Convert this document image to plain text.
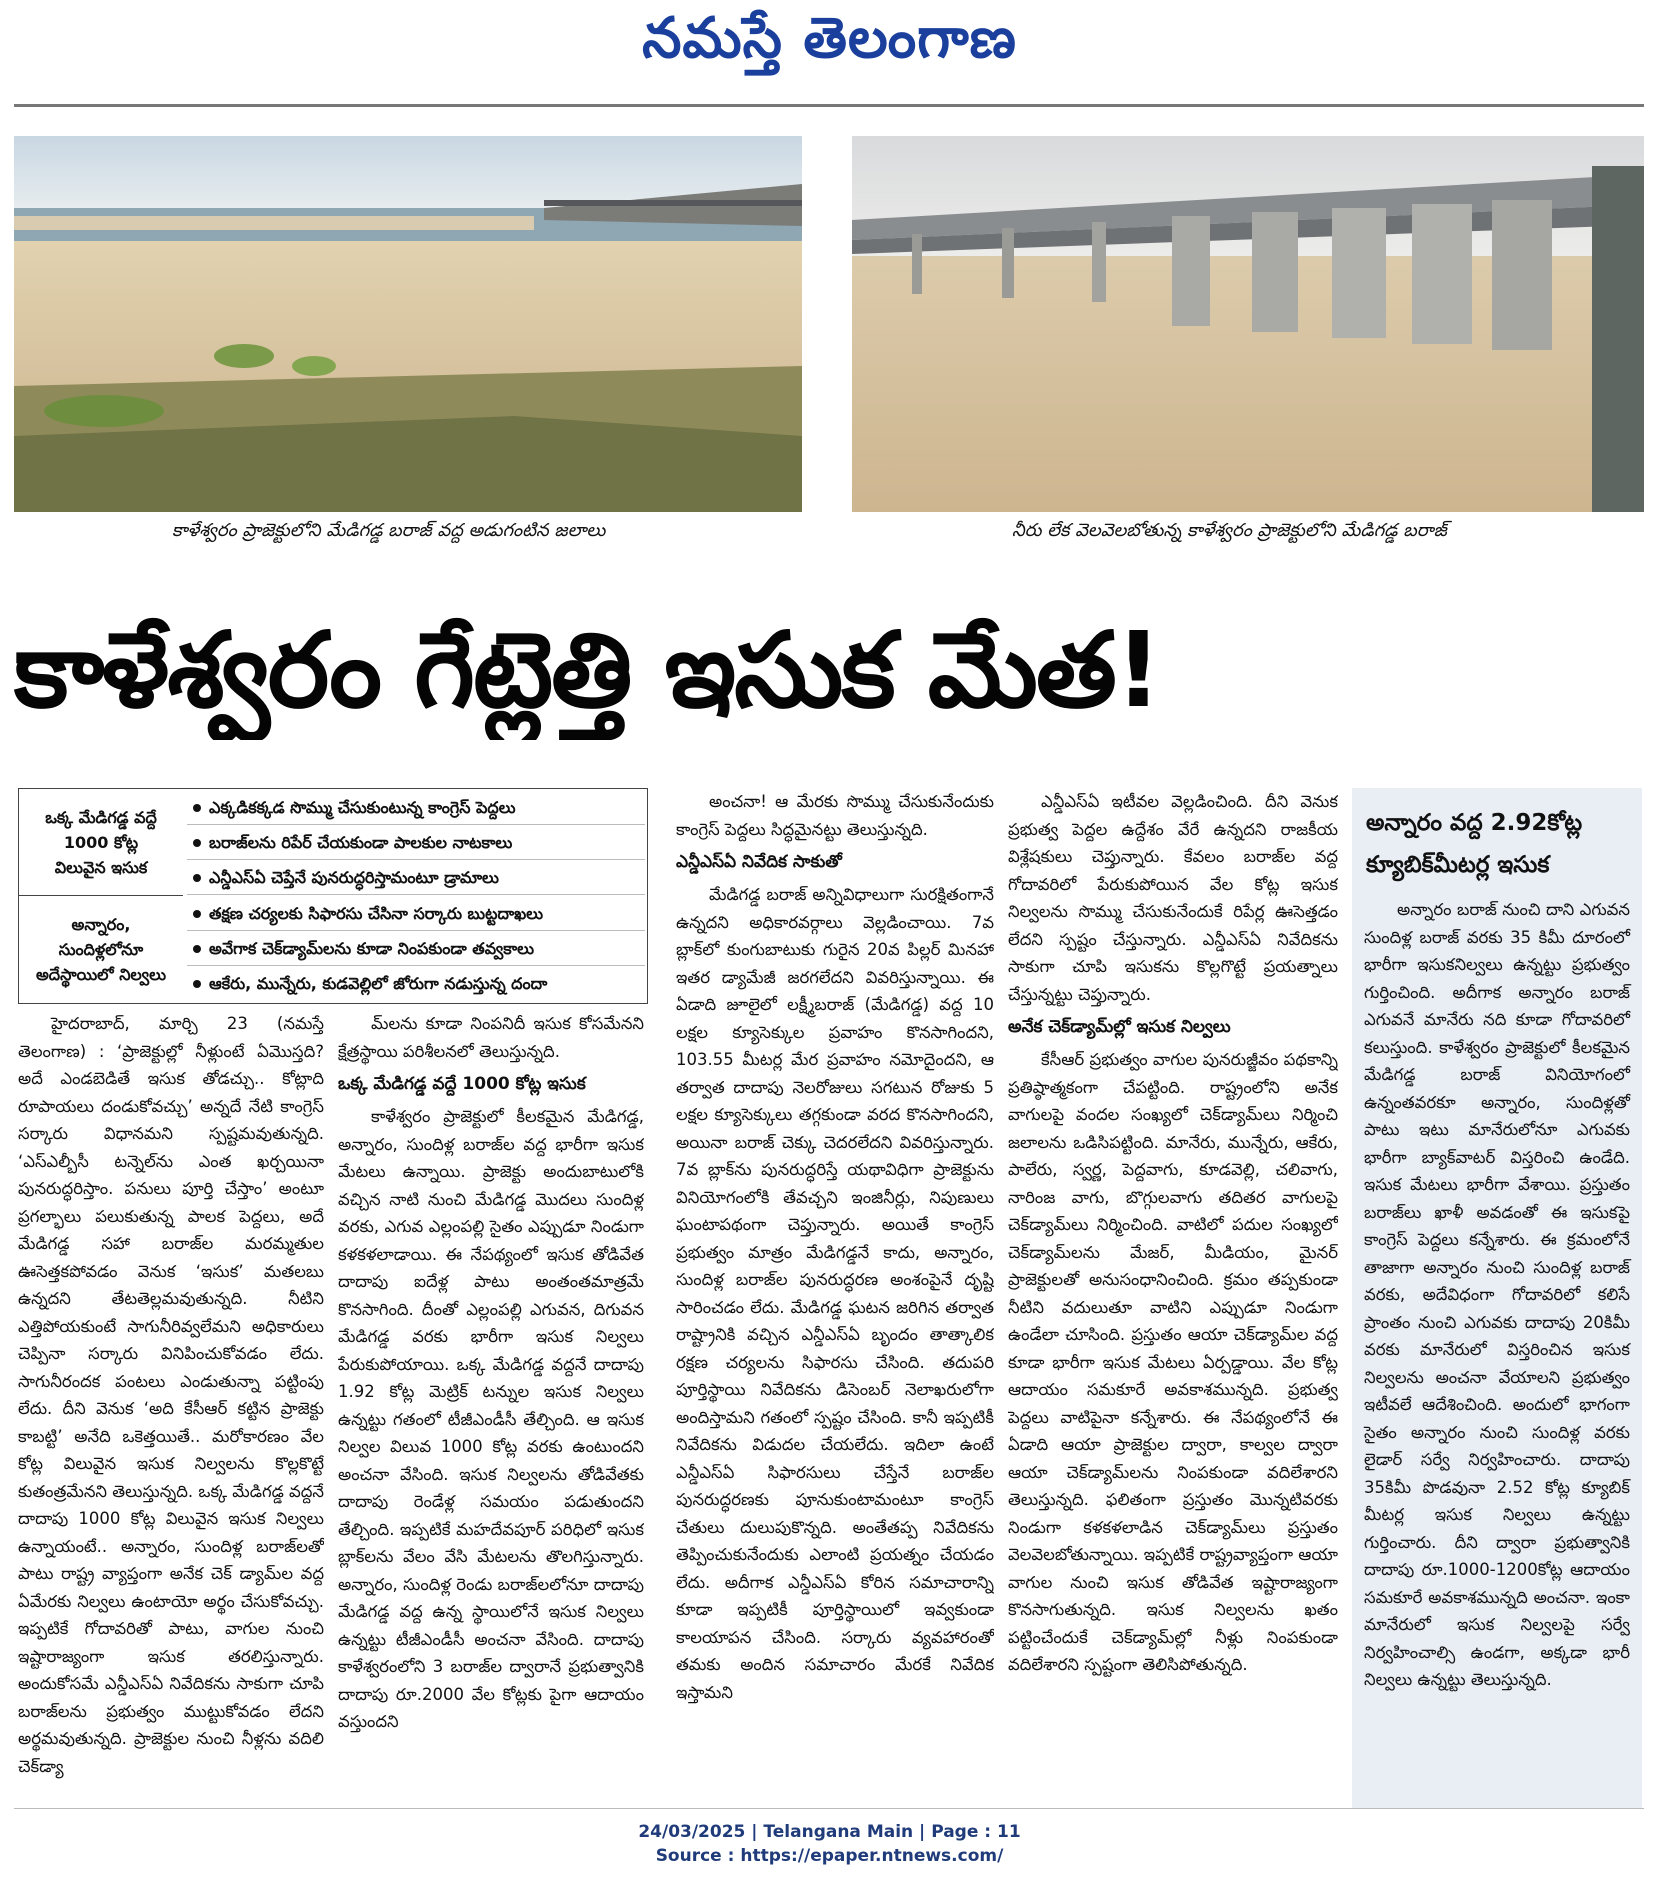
నమస్తే తెలంగాణ
కాళేశ్వరం ప్రాజెక్టులోని మేడిగడ్డ బరాజ్ వద్ద అడుగంటిన జలాలు	నీరు లేక వెలవెలబోతున్న కాళేశ్వరం ప్రాజెక్టులోని మేడిగడ్డ బరాజ్
కాళేశ్వరం గేట్లెత్తి ఇసుక మేత!
ఒక్క మేడిగడ్డ వద్దే
1000 కోట్ల
విలువైన ఇసుక
అన్నారం,
సుందిళ్లలోనూ
అదేస్థాయిలో నిల్వలు
ఎక్కడికక్కడ సొమ్ము చేసుకుంటున్న కాంగ్రెస్ పెద్దలు
బరాజ్‌లను రిపేర్ చేయకుండా పాలకుల నాటకాలు
ఎన్డీఎస్ఏ చెప్తేనే పునరుద్ధరిస్తామంటూ డ్రామాలు
తక్షణ చర్యలకు సిఫారసు చేసినా సర్కారు బుట్టదాఖలు
అవేగాక చెక్‌డ్యామ్‌లను కూడా నింపకుండా తవ్వకాలు
ఆకేరు, మున్నేరు, కుడవెల్లిలో జోరుగా నడుస్తున్న దందా

హైదరాబాద్, మార్చి 23 (నమస్తే తెలంగాణ) : ‘ప్రాజెక్టుల్లో నీళ్లుంటే ఏమొస్తది? అదే ఎండబెడితే ఇసుక తోడచ్చు.. కోట్లాది రూపాయలు దండుకోవచ్చు’ అన్నదే నేటి కాంగ్రెస్ సర్కారు విధానమని స్పష్టమవుతున్నది. ‘ఎస్ఎల్బీసీ టన్నెల్‌ను ఎంత ఖర్చయినా పునరుద్ధరిస్తాం. పనులు పూర్తి చేస్తాం’ అంటూ ప్రగల్భాలు పలుకుతున్న పాలక పెద్దలు, అదే మేడిగడ్డ సహా బరాజ్‌ల మరమ్మతుల ఊసెత్తకపోవడం వెనుక ‘ఇసుక’ మతలబు ఉన్నదని తేటతెల్లమవుతున్నది. నీటిని ఎత్తిపోయకుంటే సాగునీరివ్వలేమని అధికారులు చెప్పినా సర్కారు వినిపించుకోవడం లేదు. సాగునీరందక పంటలు ఎండుతున్నా పట్టింపు లేదు. దీని వెనుక ‘అది కేసీఆర్ కట్టిన ప్రాజెక్టు కాబట్టి’ అనేది ఒకెత్తయితే.. మరోకారణం వేల కోట్ల విలువైన ఇసుక నిల్వలను కొల్లకొట్టే కుతంత్రమేనని తెలుస్తున్నది. ఒక్క మేడిగడ్డ వద్దనే దాదాపు 1000 కోట్ల విలువైన ఇసుక నిల్వలు ఉన్నాయంటే.. అన్నారం, సుందిళ్ల బరాజ్‌లతో పాటు రాష్ట్ర వ్యాప్తంగా అనేక చెక్ డ్యామ్‌ల వద్ద ఏమేరకు నిల్వలు ఉంటాయో అర్థం చేసుకోవచ్చు. ఇప్పటికే గోదావరితో పాటు, వాగుల నుంచి ఇష్టారాజ్యంగా ఇసుక తరలిస్తున్నారు. అందుకోసమే ఎన్డీఎస్ఏ నివేదికను సాకుగా చూపి బరాజ్‌లను ప్రభుత్వం ముట్టుకోవడం లేదని అర్థమవుతున్నది. ప్రాజెక్టుల నుంచి నీళ్లను వదిలి చెక్‌డ్యా

మ్‌లను కూడా నింపనిదీ ఇసుక కోసమేనని క్షేత్రస్థాయి పరిశీలనలో తెలుస్తున్నది.

ఒక్క మేడిగడ్డ వద్దే 1000 కోట్ల ఇసుక

కాళేశ్వరం ప్రాజెక్టులో కీలకమైన మేడిగడ్డ, అన్నారం, సుందిళ్ల బరాజ్‌ల వద్ద భారీగా ఇసుక మేటలు ఉన్నాయి. ప్రాజెక్టు అందుబాటులోకి వచ్చిన నాటి నుంచి మేడిగడ్డ మొదలు సుందిళ్ల వరకు, ఎగువ ఎల్లంపల్లి సైతం ఎప్పుడూ నిండుగా కళకళలాడాయి. ఈ నేపథ్యంలో ఇసుక తోడివేత దాదాపు ఐదేళ్ల పాటు అంతంతమాత్రమే కొనసాగింది. దీంతో ఎల్లంపల్లి ఎగువన, దిగువన మేడిగడ్డ వరకు భారీగా ఇసుక నిల్వలు పేరుకుపోయాయి. ఒక్క మేడిగడ్డ వద్దనే దాదాపు 1.92 కోట్ల మెట్రిక్ టన్నుల ఇసుక నిల్వలు ఉన్నట్టు గతంలో టీజీఎండీసీ తేల్చింది. ఆ ఇసుక నిల్వల విలువ 1000 కోట్ల వరకు ఉంటుందని అంచనా వేసింది. ఇసుక నిల్వలను తోడివేతకు దాదాపు రెండేళ్ల సమయం పడుతుందని తేల్చింది. ఇప్పటికే మహదేవపూర్ పరిధిలో ఇసుక బ్లాక్‌లను వేలం వేసి మేటలను తొలగిస్తున్నారు. అన్నారం, సుందిళ్ల రెండు బరాజ్‌లలోనూ దాదాపు మేడిగడ్డ వద్ద ఉన్న స్థాయిలోనే ఇసుక నిల్వలు ఉన్నట్టు టీజీఎండీసీ అంచనా వేసింది. దాదాపు కాళేశ్వరంలోని 3 బరాజ్‌ల ద్వారానే ప్రభుత్వానికి దాదాపు రూ.2000 వేల కోట్లకు పైగా ఆదాయం వస్తుందని

అంచనా! ఆ మేరకు సొమ్ము చేసుకునేందుకు కాంగ్రెస్ పెద్దలు సిద్ధమైనట్టు తెలుస్తున్నది.

ఎన్డీఎస్ఏ నివేదిక సాకుతో

మేడిగడ్డ బరాజ్ అన్నివిధాలుగా సురక్షితంగానే ఉన్నదని అధికారవర్గాలు వెల్లడించాయి. 7వ బ్లాక్‌లో కుంగుబాటుకు గురైన 20వ పిల్లర్ మినహా ఇతర డ్యామేజీ జరగలేదని వివరిస్తున్నాయి. ఈ ఏడాది జూలైలో లక్ష్మీబరాజ్ (మేడిగడ్డ) వద్ద 10 లక్షల క్యూసెక్కుల ప్రవాహం కొనసాగిందని, 103.55 మీటర్ల మేర ప్రవాహం నమోదైందని, ఆ తర్వాత దాదాపు నెలరోజులు సగటున రోజుకు 5 లక్షల క్యూసెక్కులు తగ్గకుండా వరద కొనసాగిందని, అయినా బరాజ్ చెక్కు చెదరలేదని వివరిస్తున్నారు. 7వ బ్లాక్‌ను పునరుద్ధరిస్తే యథావిధిగా ప్రాజెక్టును వినియోగంలోకి తేవచ్చని ఇంజినీర్లు, నిపుణులు ఘంటాపథంగా చెప్తున్నారు. అయితే కాంగ్రెస్ ప్రభుత్వం మాత్రం మేడిగడ్డనే కాదు, అన్నారం, సుందిళ్ల బరాజ్‌ల పునరుద్ధరణ అంశంపైనే దృష్టి సారించడం లేదు. మేడిగడ్డ ఘటన జరిగిన తర్వాత రాష్ట్రానికి వచ్చిన ఎన్డీఎస్ఏ బృందం తాత్కాలిక రక్షణ చర్యలను సిఫారసు చేసింది. తదుపరి పూర్తిస్థాయి నివేదికను డిసెంబర్ నెలాఖరులోగా అందిస్తామని గతంలో స్పష్టం చేసింది. కానీ ఇప్పటికీ నివేదికను విడుదల చేయలేదు. ఇదిలా ఉంటే ఎన్డీఎస్ఏ సిఫారసులు చేస్తేనే బరాజ్‌ల పునరుద్ధరణకు పూనుకుంటామంటూ కాంగ్రెస్ చేతులు దులుపుకొన్నది. అంతేతప్ప నివేదికను తెప్పించుకునేందుకు ఎలాంటి ప్రయత్నం చేయడం లేదు. అదీగాక ఎన్డీఎస్ఏ కోరిన సమాచారాన్ని కూడా ఇప్పటికీ పూర్తిస్థాయిలో ఇవ్వకుండా కాలయాపన చేసింది. సర్కారు వ్యవహారంతో తమకు అందిన సమాచారం మేరకే నివేదిక ఇస్తామని

ఎన్డీఎస్ఏ ఇటీవల వెల్లడించింది. దీని వెనుక ప్రభుత్వ పెద్దల ఉద్దేశం వేరే ఉన్నదని రాజకీయ విశ్లేషకులు చెప్తున్నారు. కేవలం బరాజ్‌ల వద్ద గోదావరిలో పేరుకుపోయిన వేల కోట్ల ఇసుక నిల్వలను సొమ్ము చేసుకునేందుకే రిపేర్ల ఊసెత్తడం లేదని స్పష్టం చేస్తున్నారు. ఎన్డీఎస్ఏ నివేదికను సాకుగా చూపి ఇసుకను కొల్లగొట్టే ప్రయత్నాలు చేస్తున్నట్టు చెప్తున్నారు.

అనేక చెక్‌డ్యామ్‌ల్లో ఇసుక నిల్వలు

కేసీఆర్ ప్రభుత్వం వాగుల పునరుజ్జీవం పథకాన్ని ప్రతిష్ఠాత్మకంగా చేపట్టింది. రాష్ట్రంలోని అనేక వాగులపై వందల సంఖ్యలో చెక్‌డ్యామ్‌లు నిర్మించి జలాలను ఒడిసిపట్టింది. మానేరు, మున్నేరు, ఆకేరు, పాలేరు, స్వర్ణ, పెద్దవాగు, కూడవెల్లి, చలివాగు, నారింజ వాగు, బొగ్గులవాగు తదితర వాగులపై చెక్‌డ్యామ్‌లు నిర్మించింది. వాటిలో పదుల సంఖ్యలో చెక్‌డ్యామ్‌లను మేజర్, మీడియం, మైనర్ ప్రాజెక్టులతో అనుసంధానించింది. క్రమం తప్పకుండా నీటిని వదులుతూ వాటిని ఎప్పుడూ నిండుగా ఉండేలా చూసింది. ప్రస్తుతం ఆయా చెక్‌డ్యామ్‌ల వద్ద కూడా భారీగా ఇసుక మేటలు ఏర్పడ్డాయి. వేల కోట్ల ఆదాయం సమకూరే అవకాశమున్నది. ప్రభుత్వ పెద్దలు వాటిపైనా కన్నేశారు. ఈ నేపథ్యంలోనే ఈ ఏడాది ఆయా ప్రాజెక్టుల ద్వారా, కాల్వల ద్వారా ఆయా చెక్‌డ్యామ్‌లను నింపకుండా వదిలేశారని తెలుస్తున్నది. ఫలితంగా ప్రస్తుతం మొన్నటివరకు నిండుగా కళకళలాడిన చెక్‌డ్యామ్‌లు ప్రస్తుతం వెలవెలబోతున్నాయి. ఇప్పటికే రాష్ట్రవ్యాప్తంగా ఆయా వాగుల నుంచి ఇసుక తోడివేత ఇష్టారాజ్యంగా కొనసాగుతున్నది. ఇసుక నిల్వలను ఖతం పట్టించేందుకే చెక్‌డ్యామ్‌ల్లో నీళ్లు నింపకుండా వదిలేశారని స్పష్టంగా తెలిసిపోతున్నది.

అన్నారం వద్ద 2.92కోట్ల క్యూబిక్‌మీటర్ల ఇసుక

అన్నారం బరాజ్ నుంచి దాని ఎగువన సుందిళ్ల బరాజ్ వరకు 35 కిమీ దూరంలో భారీగా ఇసుకనిల్వలు ఉన్నట్టు ప్రభుత్వం గుర్తించింది. అదీగాక అన్నారం బరాజ్ ఎగువనే మానేరు నది కూడా గోదావరిలో కలుస్తుంది. కాళేశ్వరం ప్రాజెక్టులో కీలకమైన మేడిగడ్డ బరాజ్ వినియోగంలో ఉన్నంతవరకూ అన్నారం, సుందిళ్లతో పాటు ఇటు మానేరులోనూ ఎగువకు భారీగా బ్యాక్‌వాటర్ విస్తరించి ఉండేది. ఇసుక మేటలు భారీగా వేశాయి. ప్రస్తుతం బరాజ్‌లు ఖాళీ అవడంతో ఈ ఇసుకపై కాంగ్రెస్ పెద్దలు కన్నేశారు. ఈ క్రమంలోనే తాజాగా అన్నారం నుంచి సుందిళ్ల బరాజ్ వరకు, అదేవిధంగా గోదావరిలో కలిసే ప్రాంతం నుంచి ఎగువకు దాదాపు 20కిమీ వరకు మానేరులో విస్తరించిన ఇసుక నిల్వలను అంచనా వేయాలని ప్రభుత్వం ఇటీవలే ఆదేశించింది. అందులో భాగంగా సైతం అన్నారం నుంచి సుందిళ్ల వరకు లైడార్ సర్వే నిర్వహించారు. దాదాపు 35కిమీ పొడవునా 2.52 కోట్ల క్యూబిక్ మీటర్ల ఇసుక నిల్వలు ఉన్నట్టు గుర్తించారు. దీని ద్వారా ప్రభుత్వానికి దాదాపు రూ.1000-1200కోట్ల ఆదాయం సమకూరే అవకాశమున్నది అంచనా. ఇంకా మానేరులో ఇసుక నిల్వలపై సర్వే నిర్వహించాల్సి ఉండగా, అక్కడా భారీ నిల్వలు ఉన్నట్టు తెలుస్తున్నది.

24/03/2025 | Telangana Main | Page : 11
Source : https://epaper.ntnews.com/
